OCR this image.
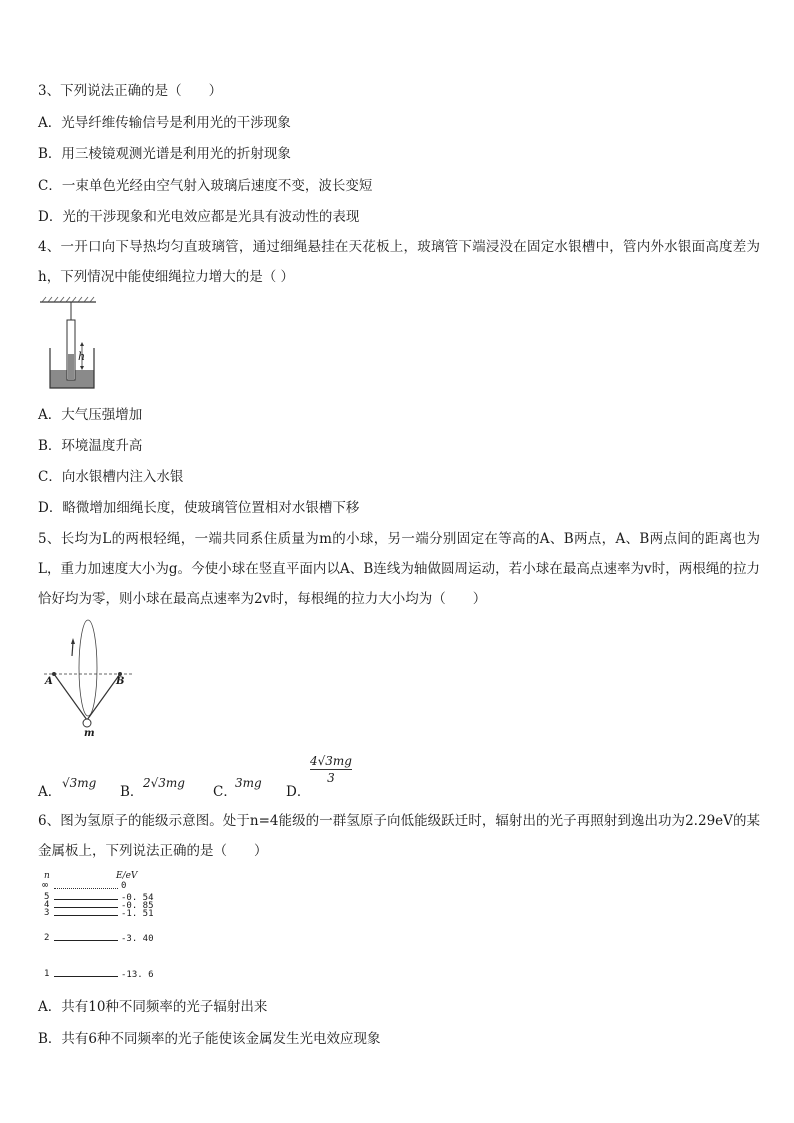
3、下列说法正确的是（　　）
A．光导纤维传输信号是利用光的干涉现象
B．用三棱镜观测光谱是利用光的折射现象
C．一束单色光经由空气射入玻璃后速度不变，波长变短
D．光的干涉现象和光电效应都是光具有波动性的表现
4、一开口向下导热均匀直玻璃管，通过细绳悬挂在天花板上，玻璃管下端浸没在固定水银槽中，管内外水银面高度差为h，下列情况中能使细绳拉力增大的是（ ）
h
A．大气压强增加
B．环境温度升高
C．向水银槽内注入水银
D．略微增加细绳长度，使玻璃管位置相对水银槽下移
5、长均为L的两根轻绳，一端共同系住质量为m的小球，另一端分别固定在等高的A、B两点，A、B两点间的距离也为L，重力加速度大小为g。今使小球在竖直平面内以A、B连线为轴做圆周运动，若小球在最高点速率为v时，两根绳的拉力恰好均为零，则小球在最高点速率为2v时，每根绳的拉力大小均为（　　）
A	B
m
A．
√3mg
B．
2√3mg
C．
3mg
D．
4√3mg
3
6、图为氢原子的能级示意图。处于n=4能级的一群氢原子向低能级跃迁时，辐射出的光子再照射到逸出功为2.29eV的某金属板上，下列说法正确的是（　　）
n	E/eV
∞	0
5	-0. 54
4	-0. 85
3	-1. 51
2	-3. 40
1	-13. 6
A．共有10种不同频率的光子辐射出来
B．共有6种不同频率的光子能使该金属发生光电效应现象
